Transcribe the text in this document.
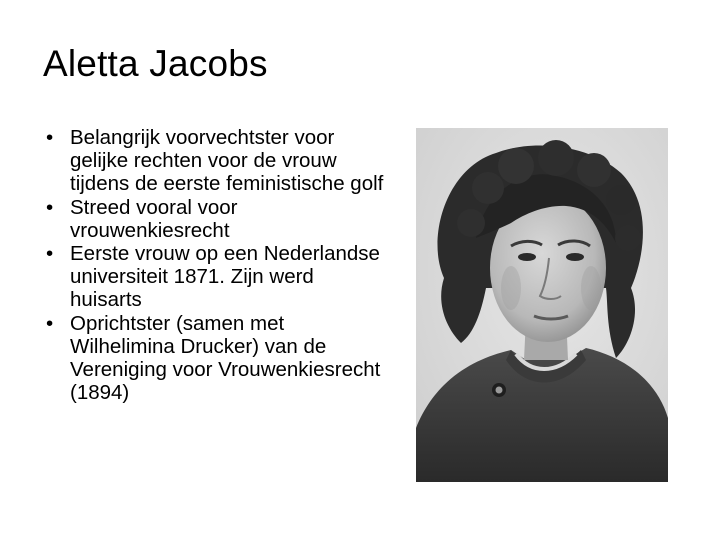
Aletta Jacobs
• Belangrijk voorvechtster voor gelijke rechten voor de vrouw tijdens de eerste feministische golf
• Streed vooral voor vrouwenkiesrecht
• Eerste vrouw op een Nederlandse universiteit 1871. Zijn werd huisarts
• Oprichtster (samen met Wilhelimina Drucker) van de Vereniging voor Vrouwenkiesrecht (1894)
